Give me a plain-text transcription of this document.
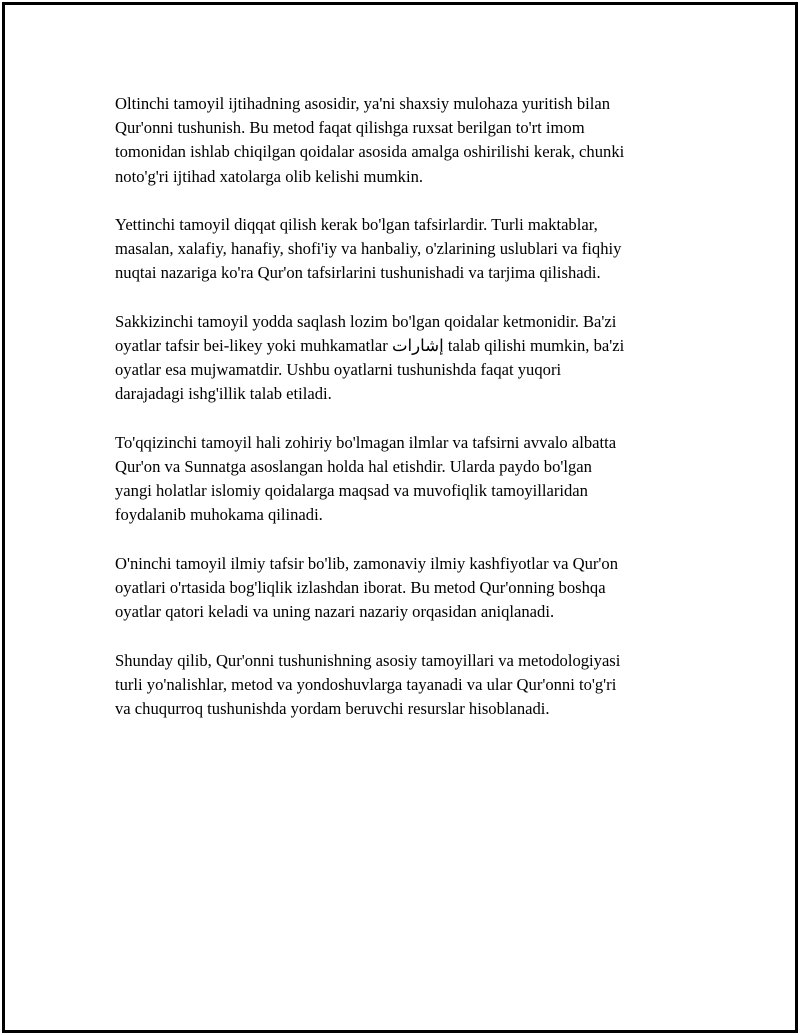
Oltinchi tamoyil ijtihadning asosidir, ya'ni shaxsiy mulohaza yuritish bilan
Qur'onni tushunish. Bu metod faqat qilishga ruxsat berilgan to'rt imom
tomonidan ishlab chiqilgan qoidalar asosida amalga oshirilishi kerak, chunki
noto'g'ri ijtihad xatolarga olib kelishi mumkin.

Yettinchi tamoyil diqqat qilish kerak bo'lgan tafsirlardir. Turli maktablar,
masalan, xalafiy, hanafiy, shofi'iy va hanbaliy, o'zlarining uslublari va fiqhiy
nuqtai nazariga ko'ra Qur'on tafsirlarini tushunishadi va tarjima qilishadi.

Sakkizinchi tamoyil yodda saqlash lozim bo'lgan qoidalar ketmonidir. Ba'zi
oyatlar tafsir bei-likey yoki muhkamatlar إشارات talab qilishi mumkin, ba'zi
oyatlar esa mujwamatdir. Ushbu oyatlarni tushunishda faqat yuqori
darajadagi ishg'illik talab etiladi.

To'qqizinchi tamoyil hali zohiriy bo'lmagan ilmlar va tafsirni avvalo albatta
Qur'on va Sunnatga asoslangan holda hal etishdir. Ularda paydo bo'lgan
yangi holatlar islomiy qoidalarga maqsad va muvofiqlik tamoyillaridan
foydalanib muhokama qilinadi.

O'ninchi tamoyil ilmiy tafsir bo'lib, zamonaviy ilmiy kashfiyotlar va Qur'on
oyatlari o'rtasida bog'liqlik izlashdan iborat. Bu metod Qur'onning boshqa
oyatlar qatori keladi va uning nazari nazariy orqasidan aniqlanadi.

Shunday qilib, Qur'onni tushunishning asosiy tamoyillari va metodologiyasi
turli yo'nalishlar, metod va yondoshuvlarga tayanadi va ular Qur'onni to'g'ri
va chuqurroq tushunishda yordam beruvchi resurslar hisoblanadi.
